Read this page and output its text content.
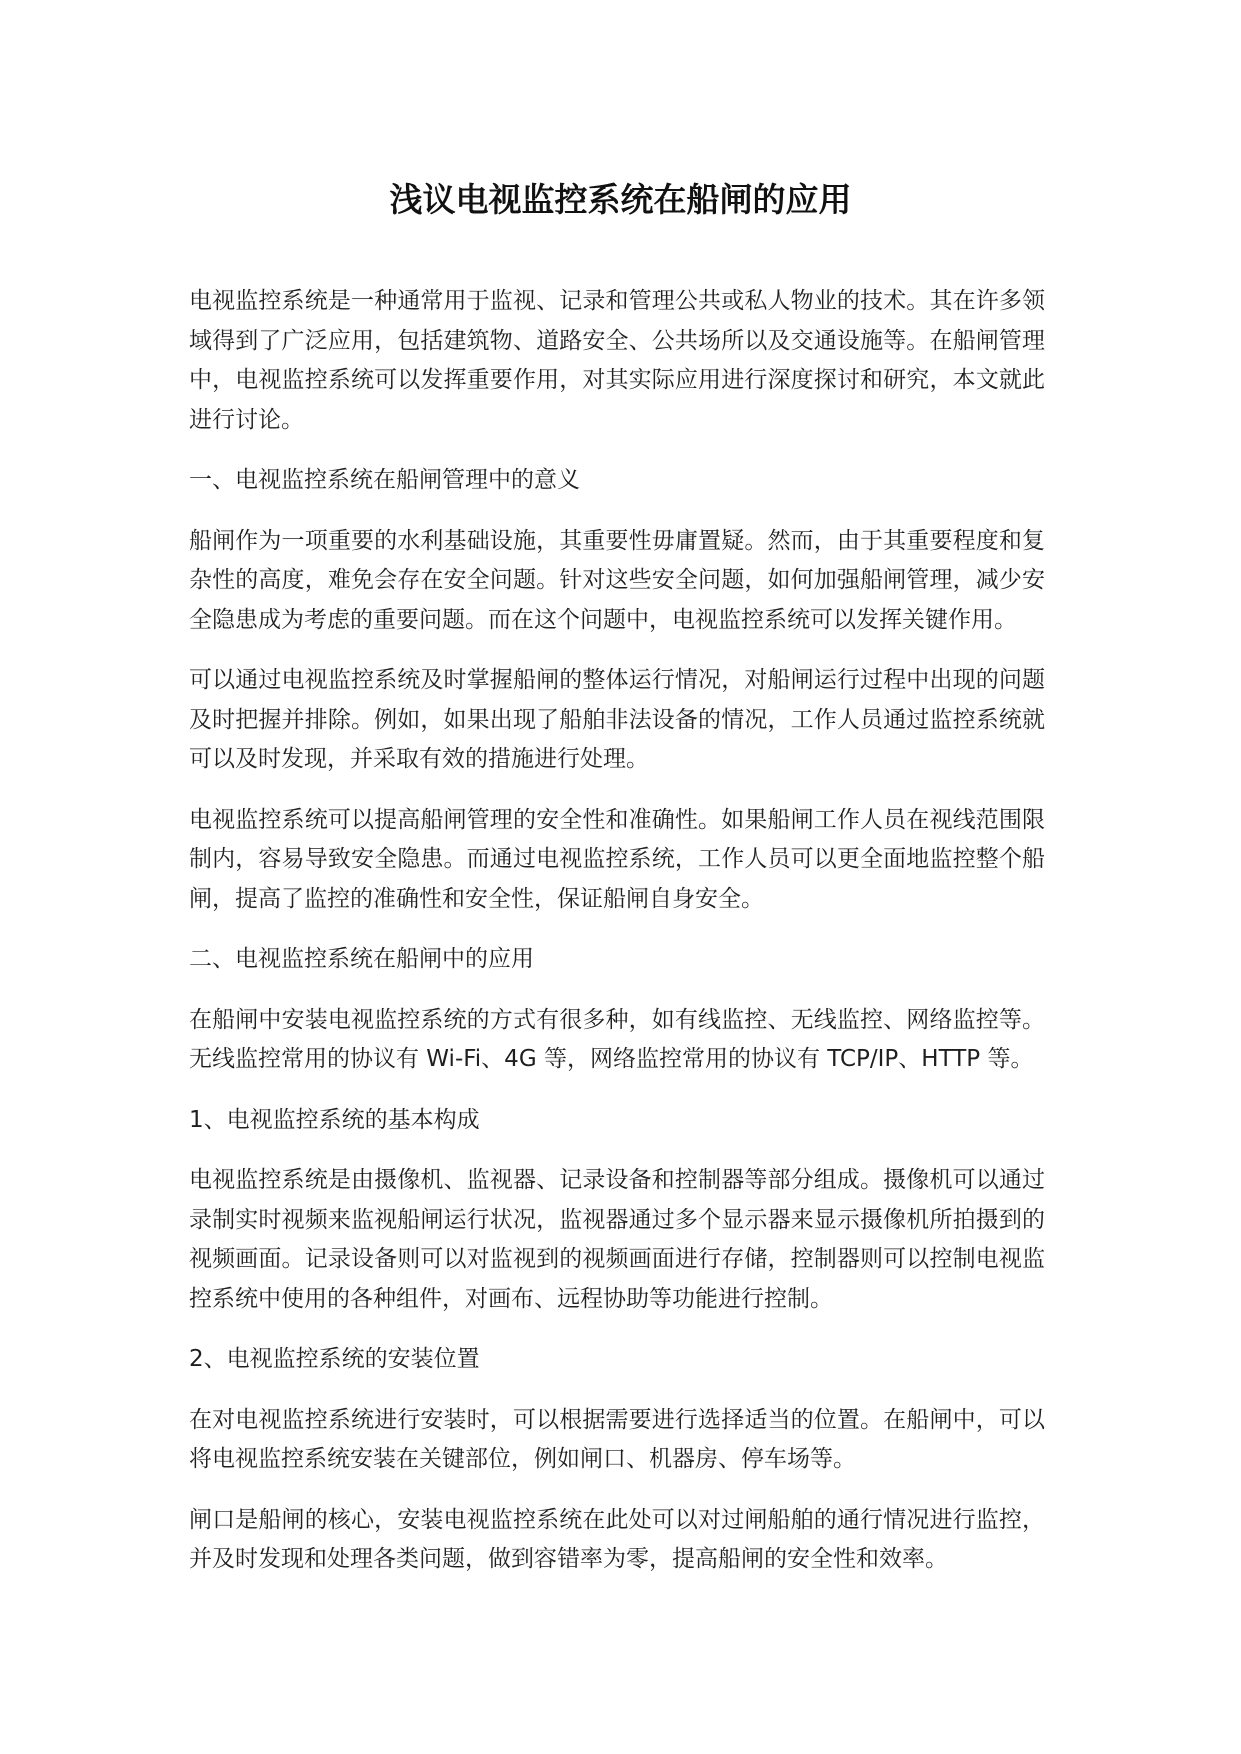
浅议电视监控系统在船闸的应用

电视监控系统是一种通常用于监视、记录和管理公共或私人物业的技术。其在许多领域得到了广泛应用，包括建筑物、道路安全、公共场所以及交通设施等。在船闸管理中，电视监控系统可以发挥重要作用，对其实际应用进行深度探讨和研究，本文就此进行讨论。

一、电视监控系统在船闸管理中的意义

船闸作为一项重要的水利基础设施，其重要性毋庸置疑。然而，由于其重要程度和复杂性的高度，难免会存在安全问题。针对这些安全问题，如何加强船闸管理，减少安全隐患成为考虑的重要问题。而在这个问题中，电视监控系统可以发挥关键作用。

可以通过电视监控系统及时掌握船闸的整体运行情况，对船闸运行过程中出现的问题及时把握并排除。例如，如果出现了船舶非法设备的情况，工作人员通过监控系统就可以及时发现，并采取有效的措施进行处理。

电视监控系统可以提高船闸管理的安全性和准确性。如果船闸工作人员在视线范围限制内，容易导致安全隐患。而通过电视监控系统，工作人员可以更全面地监控整个船闸，提高了监控的准确性和安全性，保证船闸自身安全。

二、电视监控系统在船闸中的应用

在船闸中安装电视监控系统的方式有很多种，如有线监控、无线监控、网络监控等。无线监控常用的协议有 Wi-Fi、4G 等，网络监控常用的协议有 TCP/IP、HTTP 等。

1、电视监控系统的基本构成

电视监控系统是由摄像机、监视器、记录设备和控制器等部分组成。摄像机可以通过录制实时视频来监视船闸运行状况，监视器通过多个显示器来显示摄像机所拍摄到的视频画面。记录设备则可以对监视到的视频画面进行存储，控制器则可以控制电视监控系统中使用的各种组件，对画布、远程协助等功能进行控制。

2、电视监控系统的安装位置

在对电视监控系统进行安装时，可以根据需要进行选择适当的位置。在船闸中，可以将电视监控系统安装在关键部位，例如闸口、机器房、停车场等。

闸口是船闸的核心，安装电视监控系统在此处可以对过闸船舶的通行情况进行监控，并及时发现和处理各类问题，做到容错率为零，提高船闸的安全性和效率。
